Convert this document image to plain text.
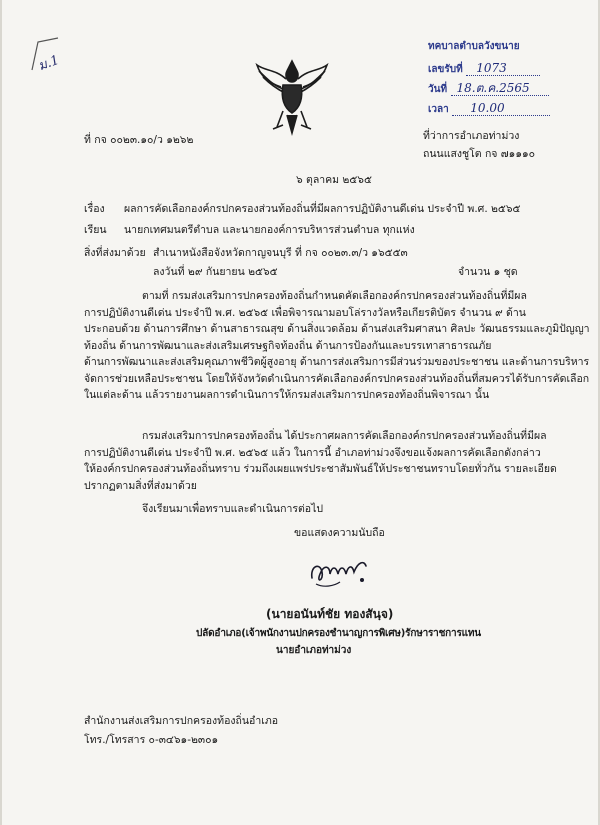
ม.1
ทคบาลตำบลวังขนาย
เลขรับที่ 1073
วันที่ 18.ต.ค.2565
เวลา 10.00
ที่ กจ ๐๐๒๓.๑๐/ว ๑๒๖๒	ที่ว่าการอำเภอท่าม่วง
ถนนแสงชูโต กจ ๗๑๑๑๐
๖ ตุลาคม ๒๕๖๕
เรื่อง ผลการคัดเลือกองค์กรปกครองส่วนท้องถิ่นที่มีผลการปฏิบัติงานดีเด่น ประจำปี พ.ศ. ๒๕๖๕
เรียน นายกเทศมนตรีตำบล และนายกองค์การบริหารส่วนตำบล ทุกแห่ง
สิ่งที่ส่งมาด้วย สำเนาหนังสือจังหวัดกาญจนบุรี ที่ กจ ๐๐๒๓.๓/ว ๑๖๕๕๓
ลงวันที่ ๒๙ กันยายน ๒๕๖๕	จำนวน ๑ ชุด
ตามที่ กรมส่งเสริมการปกครองท้องถิ่นกำหนดคัดเลือกองค์กรปกครองส่วนท้องถิ่นที่มีผล
การปฏิบัติงานดีเด่น ประจำปี พ.ศ. ๒๕๖๕ เพื่อพิจารณามอบโล่รางวัลหรือเกียรติบัตร จำนวน ๙ ด้าน
ประกอบด้วย ด้านการศึกษา ด้านสาธารณสุข ด้านสิ่งแวดล้อม ด้านส่งเสริมศาสนา ศิลปะ วัฒนธรรมและภูมิปัญญา
ท้องถิ่น ด้านการพัฒนาและส่งเสริมเศรษฐกิจท้องถิ่น ด้านการป้องกันและบรรเทาสาธารณภัย
ด้านการพัฒนาและส่งเสริมคุณภาพชีวิตผู้สูงอายุ ด้านการส่งเสริมการมีส่วนร่วมของประชาชน และด้านการบริหาร
จัดการช่วยเหลือประชาชน โดยให้จังหวัดดำเนินการคัดเลือกองค์กรปกครองส่วนท้องถิ่นที่สมควรได้รับการคัดเลือก
ในแต่ละด้าน แล้วรายงานผลการดำเนินการให้กรมส่งเสริมการปกครองท้องถิ่นพิจารณา นั้น
กรมส่งเสริมการปกครองท้องถิ่น ได้ประกาศผลการคัดเลือกองค์กรปกครองส่วนท้องถิ่นที่มีผล
การปฏิบัติงานดีเด่น ประจำปี พ.ศ. ๒๕๖๕ แล้ว ในการนี้ อำเภอท่าม่วงจึงขอแจ้งผลการคัดเลือกดังกล่าว
ให้องค์กรปกครองส่วนท้องถิ่นทราบ ร่วมถึงเผยแพร่ประชาสัมพันธ์ให้ประชาชนทราบโดยทั่วกัน รายละเอียด
ปรากฏตามสิ่งที่ส่งมาด้วย
จึงเรียนมาเพื่อทราบและดำเนินการต่อไป
ขอแสดงความนับถือ
(นายอนันท์ชัย ทองสันฺจ)
ปลัดอำเภอ(เจ้าพนักงานปกครองชำนาญการพิเศษ)รักษาราชการแทน
นายอำเภอท่าม่วง
สำนักงานส่งเสริมการปกครองท้องถิ่นอำเภอ
โทร./โทรสาร ๐-๓๔๖๑-๒๓๐๑
